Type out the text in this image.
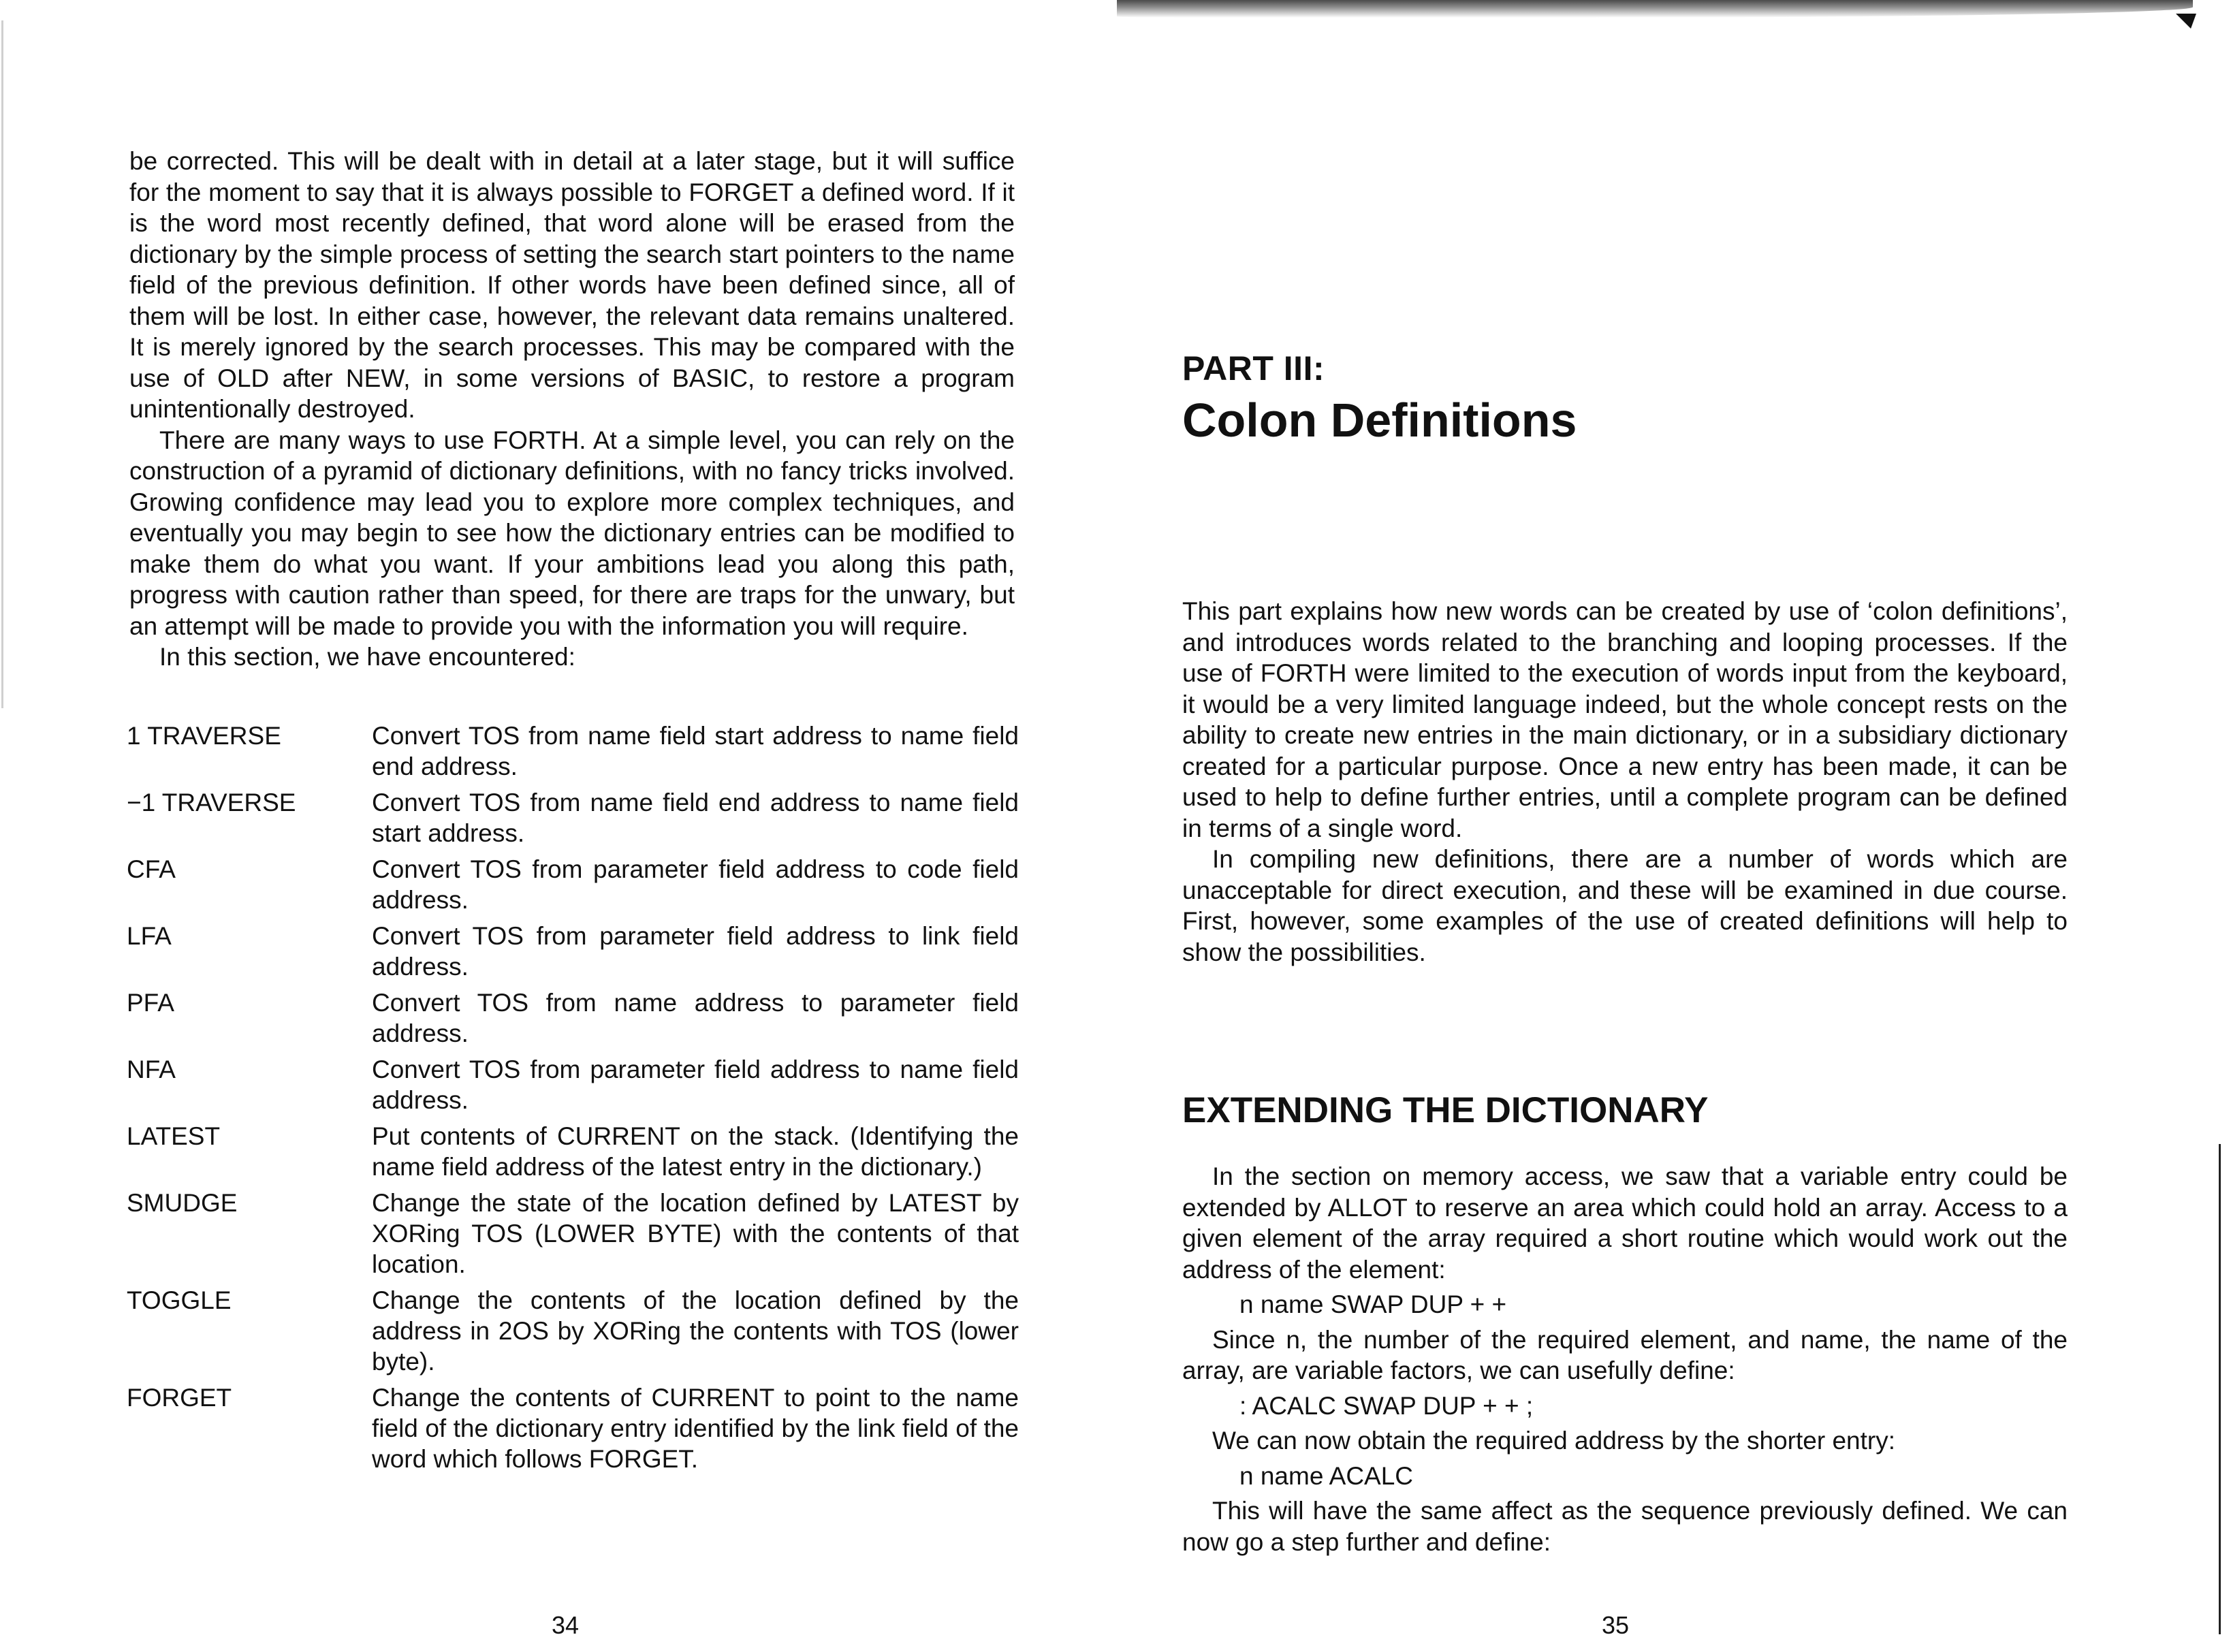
be corrected. This will be dealt with in detail at a later stage, but it will suffice for the moment to say that it is always possible to FORGET a defined word. If it is the word most recently defined, that word alone will be erased from the dictionary by the simple process of setting the search start pointers to the name field of the previous definition. If other words have been defined since, all of them will be lost. In either case, however, the relevant data remains unaltered. It is merely ignored by the search processes. This may be compared with the use of OLD after NEW, in some versions of BASIC, to restore a program unintentionally destroyed.

There are many ways to use FORTH. At a simple level, you can rely on the construction of a pyramid of dictionary definitions, with no fancy tricks involved. Growing confidence may lead you to explore more complex techniques, and eventually you may begin to see how the dictionary entries can be modified to make them do what you want. If your ambitions lead you along this path, progress with caution rather than speed, for there are traps for the unwary, but an attempt will be made to provide you with the information you will require.

In this section, we have encountered:

1 TRAVERSE	Convert TOS from name field start address to name field end address.
−1 TRAVERSE	Convert TOS from name field end address to name field start address.
CFA	Convert TOS from parameter field address to code field address.
LFA	Convert TOS from parameter field address to link field address.
PFA	Convert TOS from name address to parameter field address.
NFA	Convert TOS from parameter field address to name field address.
LATEST	Put contents of CURRENT on the stack. (Identifying the name field address of the latest entry in the dictionary.)
SMUDGE	Change the state of the location defined by LATEST by XORing TOS (LOWER BYTE) with the contents of that location.
TOGGLE	Change the contents of the location defined by the address in 2OS by XORing the contents with TOS (lower byte).
FORGET	Change the contents of CURRENT to point to the name field of the dictionary entry identified by the link field of the word which follows FORGET.
34
PART III:
Colon Definitions

This part explains how new words can be created by use of ‘colon definitions’, and introduces words related to the branching and looping processes. If the use of FORTH were limited to the execution of words input from the keyboard, it would be a very limited language indeed, but the whole concept rests on the ability to create new entries in the main dictionary, or in a subsidiary dictionary created for a particular purpose. Once a new entry has been made, it can be used to help to define further entries, until a complete program can be defined in terms of a single word.

In compiling new definitions, there are a number of words which are unacceptable for direct execution, and these will be examined in due course. First, however, some examples of the use of created definitions will help to show the possibilities.

EXTENDING THE DICTIONARY

In the section on memory access, we saw that a variable entry could be extended by ALLOT to reserve an area which could hold an array. Access to a given element of the array required a short routine which would work out the address of the element:

n name SWAP DUP + +

Since n, the number of the required element, and name, the name of the array, are variable factors, we can usefully define:

: ACALC SWAP DUP + + ;

We can now obtain the required address by the shorter entry:

n name ACALC

This will have the same affect as the sequence previously defined. We can now go a step further and define:

35
